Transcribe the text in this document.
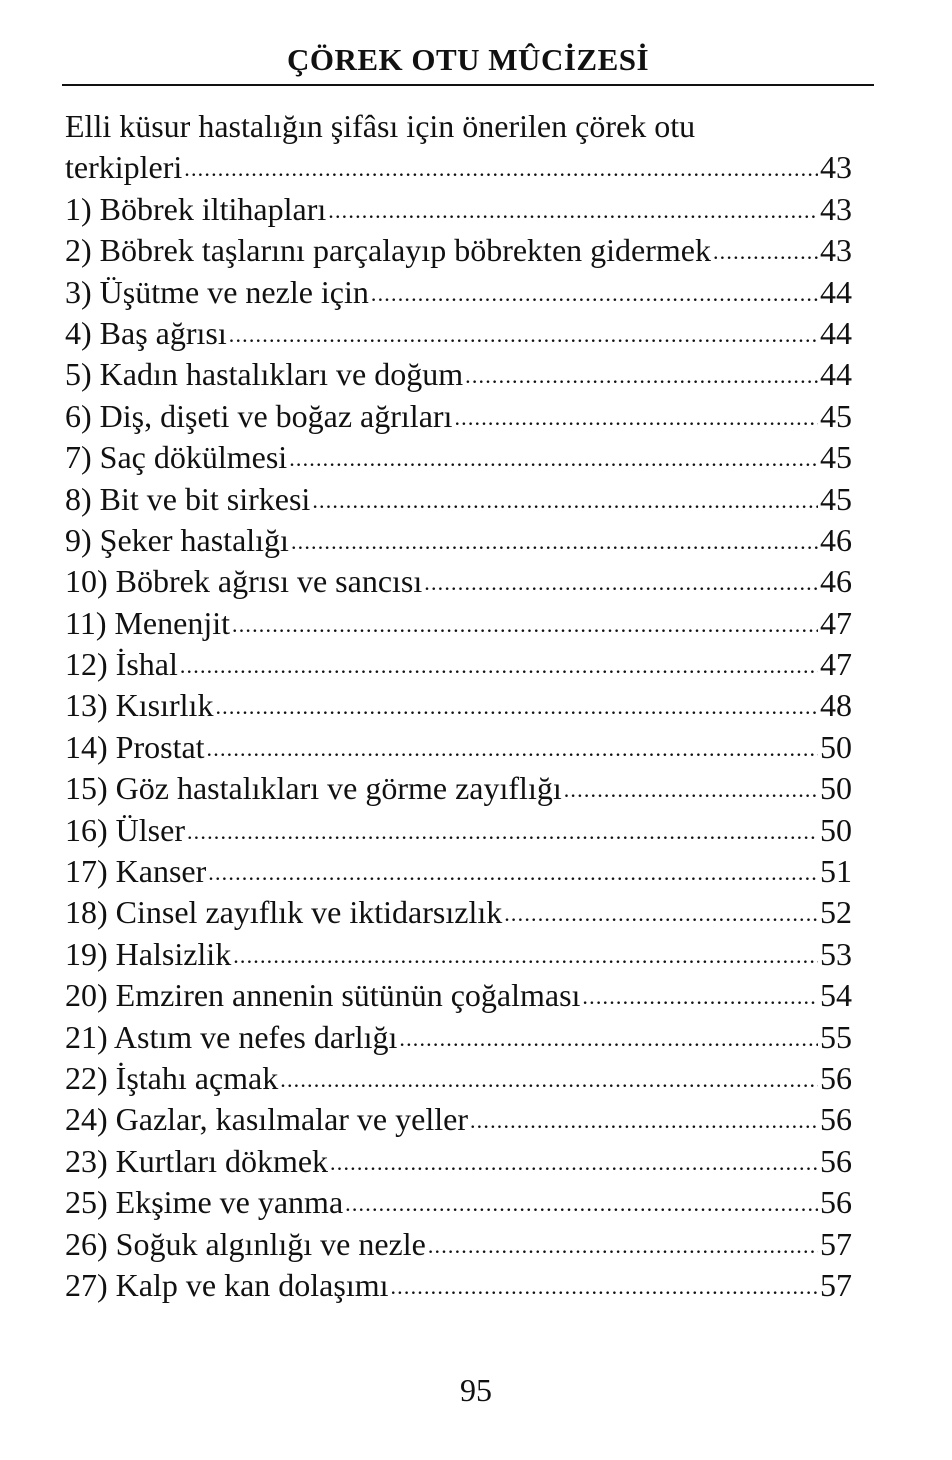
ÇÖREK OTU MÛCİZESİ
Elli küsur hastalığın şifâsı için önerilen çörek otu
terkipleri .....	43
1) Böbrek iltihapları .....	43
2) Böbrek taşlarını parçalayıp böbrekten gidermek .....	43
3) Üşütme ve nezle için .....	44
4) Baş ağrısı .....	44
5) Kadın hastalıkları ve doğum .....	44
6) Diş, dişeti ve boğaz ağrıları .....	45
7) Saç dökülmesi .....	45
8) Bit ve bit sirkesi .....	45
9) Şeker hastalığı .....	46
10) Böbrek ağrısı ve sancısı .....	46
11) Menenjit .....	47
12) İshal .....	47
13) Kısırlık .....	48
14) Prostat .....	50
15) Göz hastalıkları ve görme zayıflığı .....	50
16) Ülser .....	50
17) Kanser .....	51
18) Cinsel zayıflık ve iktidarsızlık .....	52
19) Halsizlik .....	53
20) Emziren annenin sütünün çoğalması .....	54
21) Astım ve nefes darlığı .....	55
22) İştahı açmak .....	56
24) Gazlar, kasılmalar ve yeller .....	56
23) Kurtları dökmek .....	56
25) Ekşime ve yanma .....	56
26) Soğuk algınlığı ve nezle .....	57
27) Kalp ve kan dolaşımı .....	57
95
